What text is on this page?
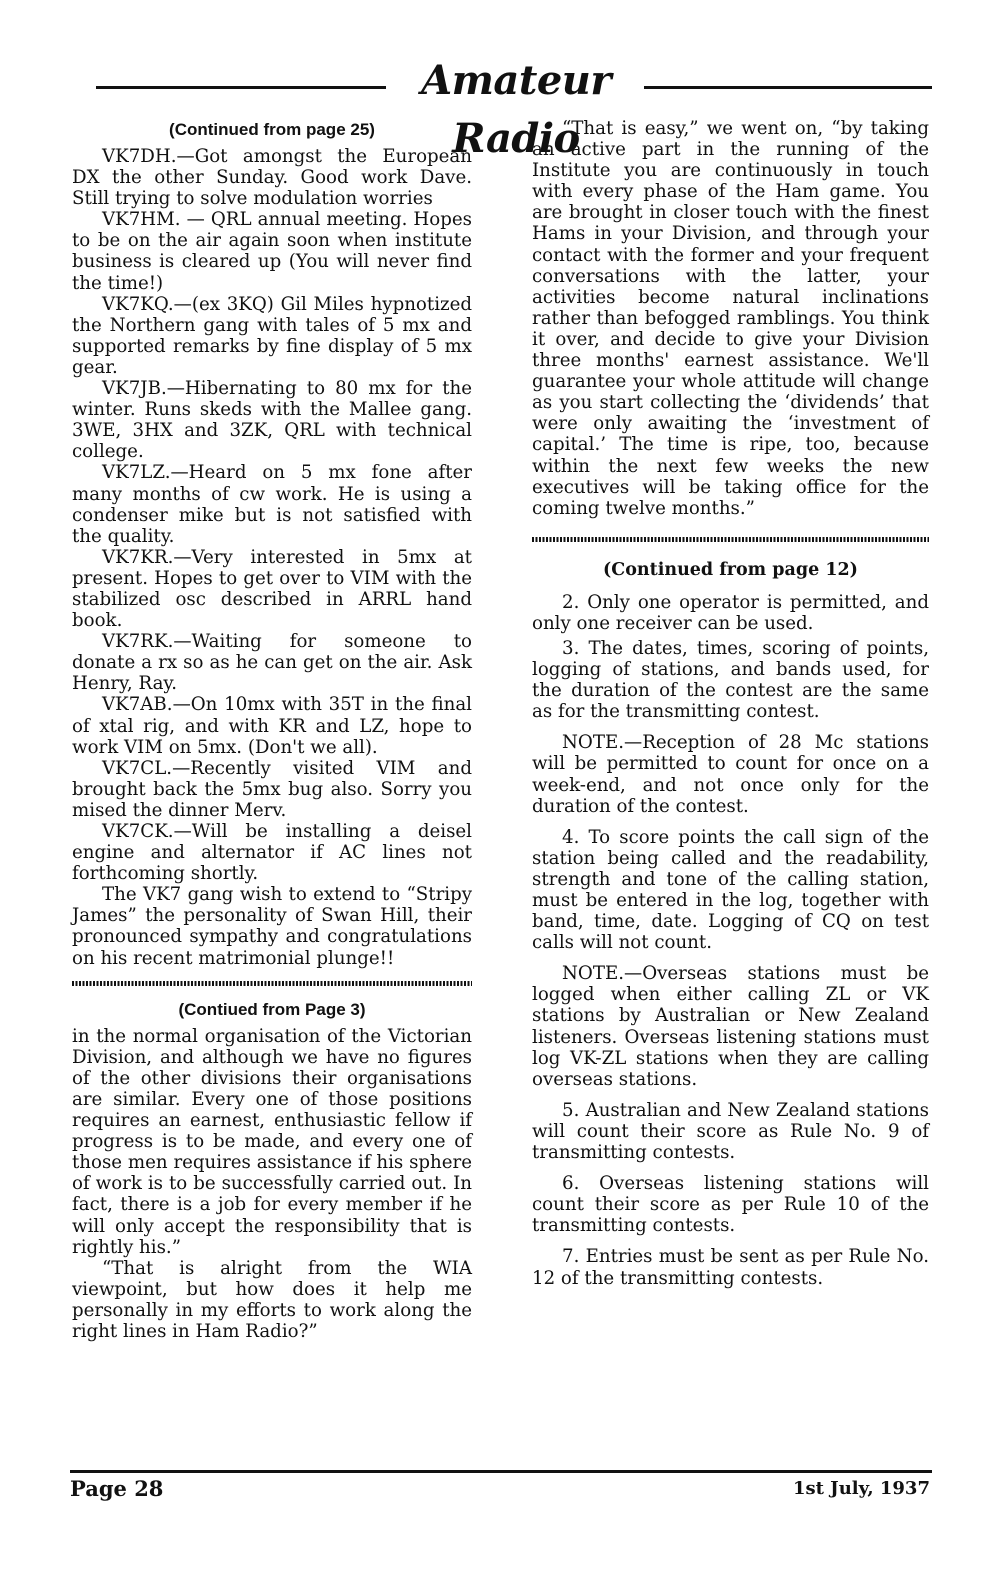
Amateur Radio
(Continued from page 25)

VK7DH.—Got amongst the European DX the other Sunday. Good work Dave. Still trying to solve modulation worries

VK7HM. — QRL annual meeting. Hopes to be on the air again soon when institute business is cleared up (You will never find the time!)

VK7KQ.—(ex 3KQ) Gil Miles hypnotized the Northern gang with tales of 5 mx and supported remarks by fine display of 5 mx gear.

VK7JB.—Hibernating to 80 mx for the winter. Runs skeds with the Mallee gang. 3WE, 3HX and 3ZK, QRL with technical college.

VK7LZ.—Heard on 5 mx fone after many months of cw work. He is using a condenser mike but is not satisfied with the quality.

VK7KR.—Very interested in 5mx at present. Hopes to get over to VIM with the stabilized osc described in ARRL hand book.

VK7RK.—Waiting for someone to donate a rx so as he can get on the air. Ask Henry, Ray.

VK7AB.—On 10mx with 35T in the final of xtal rig, and with KR and LZ, hope to work VIM on 5mx. (Don't we all).

VK7CL.—Recently visited VIM and brought back the 5mx bug also. Sorry you mised the dinner Merv.

VK7CK.—Will be installing a deisel engine and alternator if AC lines not forthcoming shortly.

The VK7 gang wish to extend to “Stripy James” the personality of Swan Hill, their pronounced sympathy and congratulations on his recent matrimonial plunge!!

(Contiued from Page 3)

in the normal organisation of the Victorian Division, and although we have no figures of the other divisions their organisations are similar. Every one of those positions requires an earnest, enthusiastic fellow if progress is to be made, and every one of those men requires assistance if his sphere of work is to be successfully carried out. In fact, there is a job for every member if he will only accept the responsibility that is rightly his.”

“That is alright from the WIA viewpoint, but how does it help me personally in my efforts to work along the right lines in Ham Radio?”

“That is easy,” we went on, “by taking an active part in the running of the Institute you are continuously in touch with every phase of the Ham game. You are brought in closer touch with the finest Hams in your Division, and through your contact with the former and your frequent conversations with the latter, your activities become natural inclinations rather than befogged ramblings. You think it over, and decide to give your Division three months' earnest assistance. We'll guarantee your whole attitude will change as you start collecting the ‘dividends’ that were only awaiting the ‘investment of capital.’ The time is ripe, too, because within the next few weeks the new executives will be taking office for the coming twelve months.”

(Continued from page 12)

2. Only one operator is permitted, and only one receiver can be used.

3. The dates, times, scoring of points, logging of stations, and bands used, for the duration of the contest are the same as for the transmitting contest.

NOTE.—Reception of 28 Mc stations will be permitted to count for once on a week-end, and not once only for the duration of the contest.

4. To score points the call sign of the station being called and the readability, strength and tone of the calling station, must be entered in the log, together with band, time, date. Logging of CQ on test calls will not count.

NOTE.—Overseas stations must be logged when either calling ZL or VK stations by Australian or New Zealand listeners. Overseas listening stations must log VK-ZL stations when they are calling overseas stations.

5. Australian and New Zealand stations will count their score as Rule No. 9 of transmitting contests.

6. Overseas listening stations will count their score as per Rule 10 of the transmitting contests.

7. Entries must be sent as per Rule No. 12 of the transmitting contests.

Page 28	1st July, 1937
